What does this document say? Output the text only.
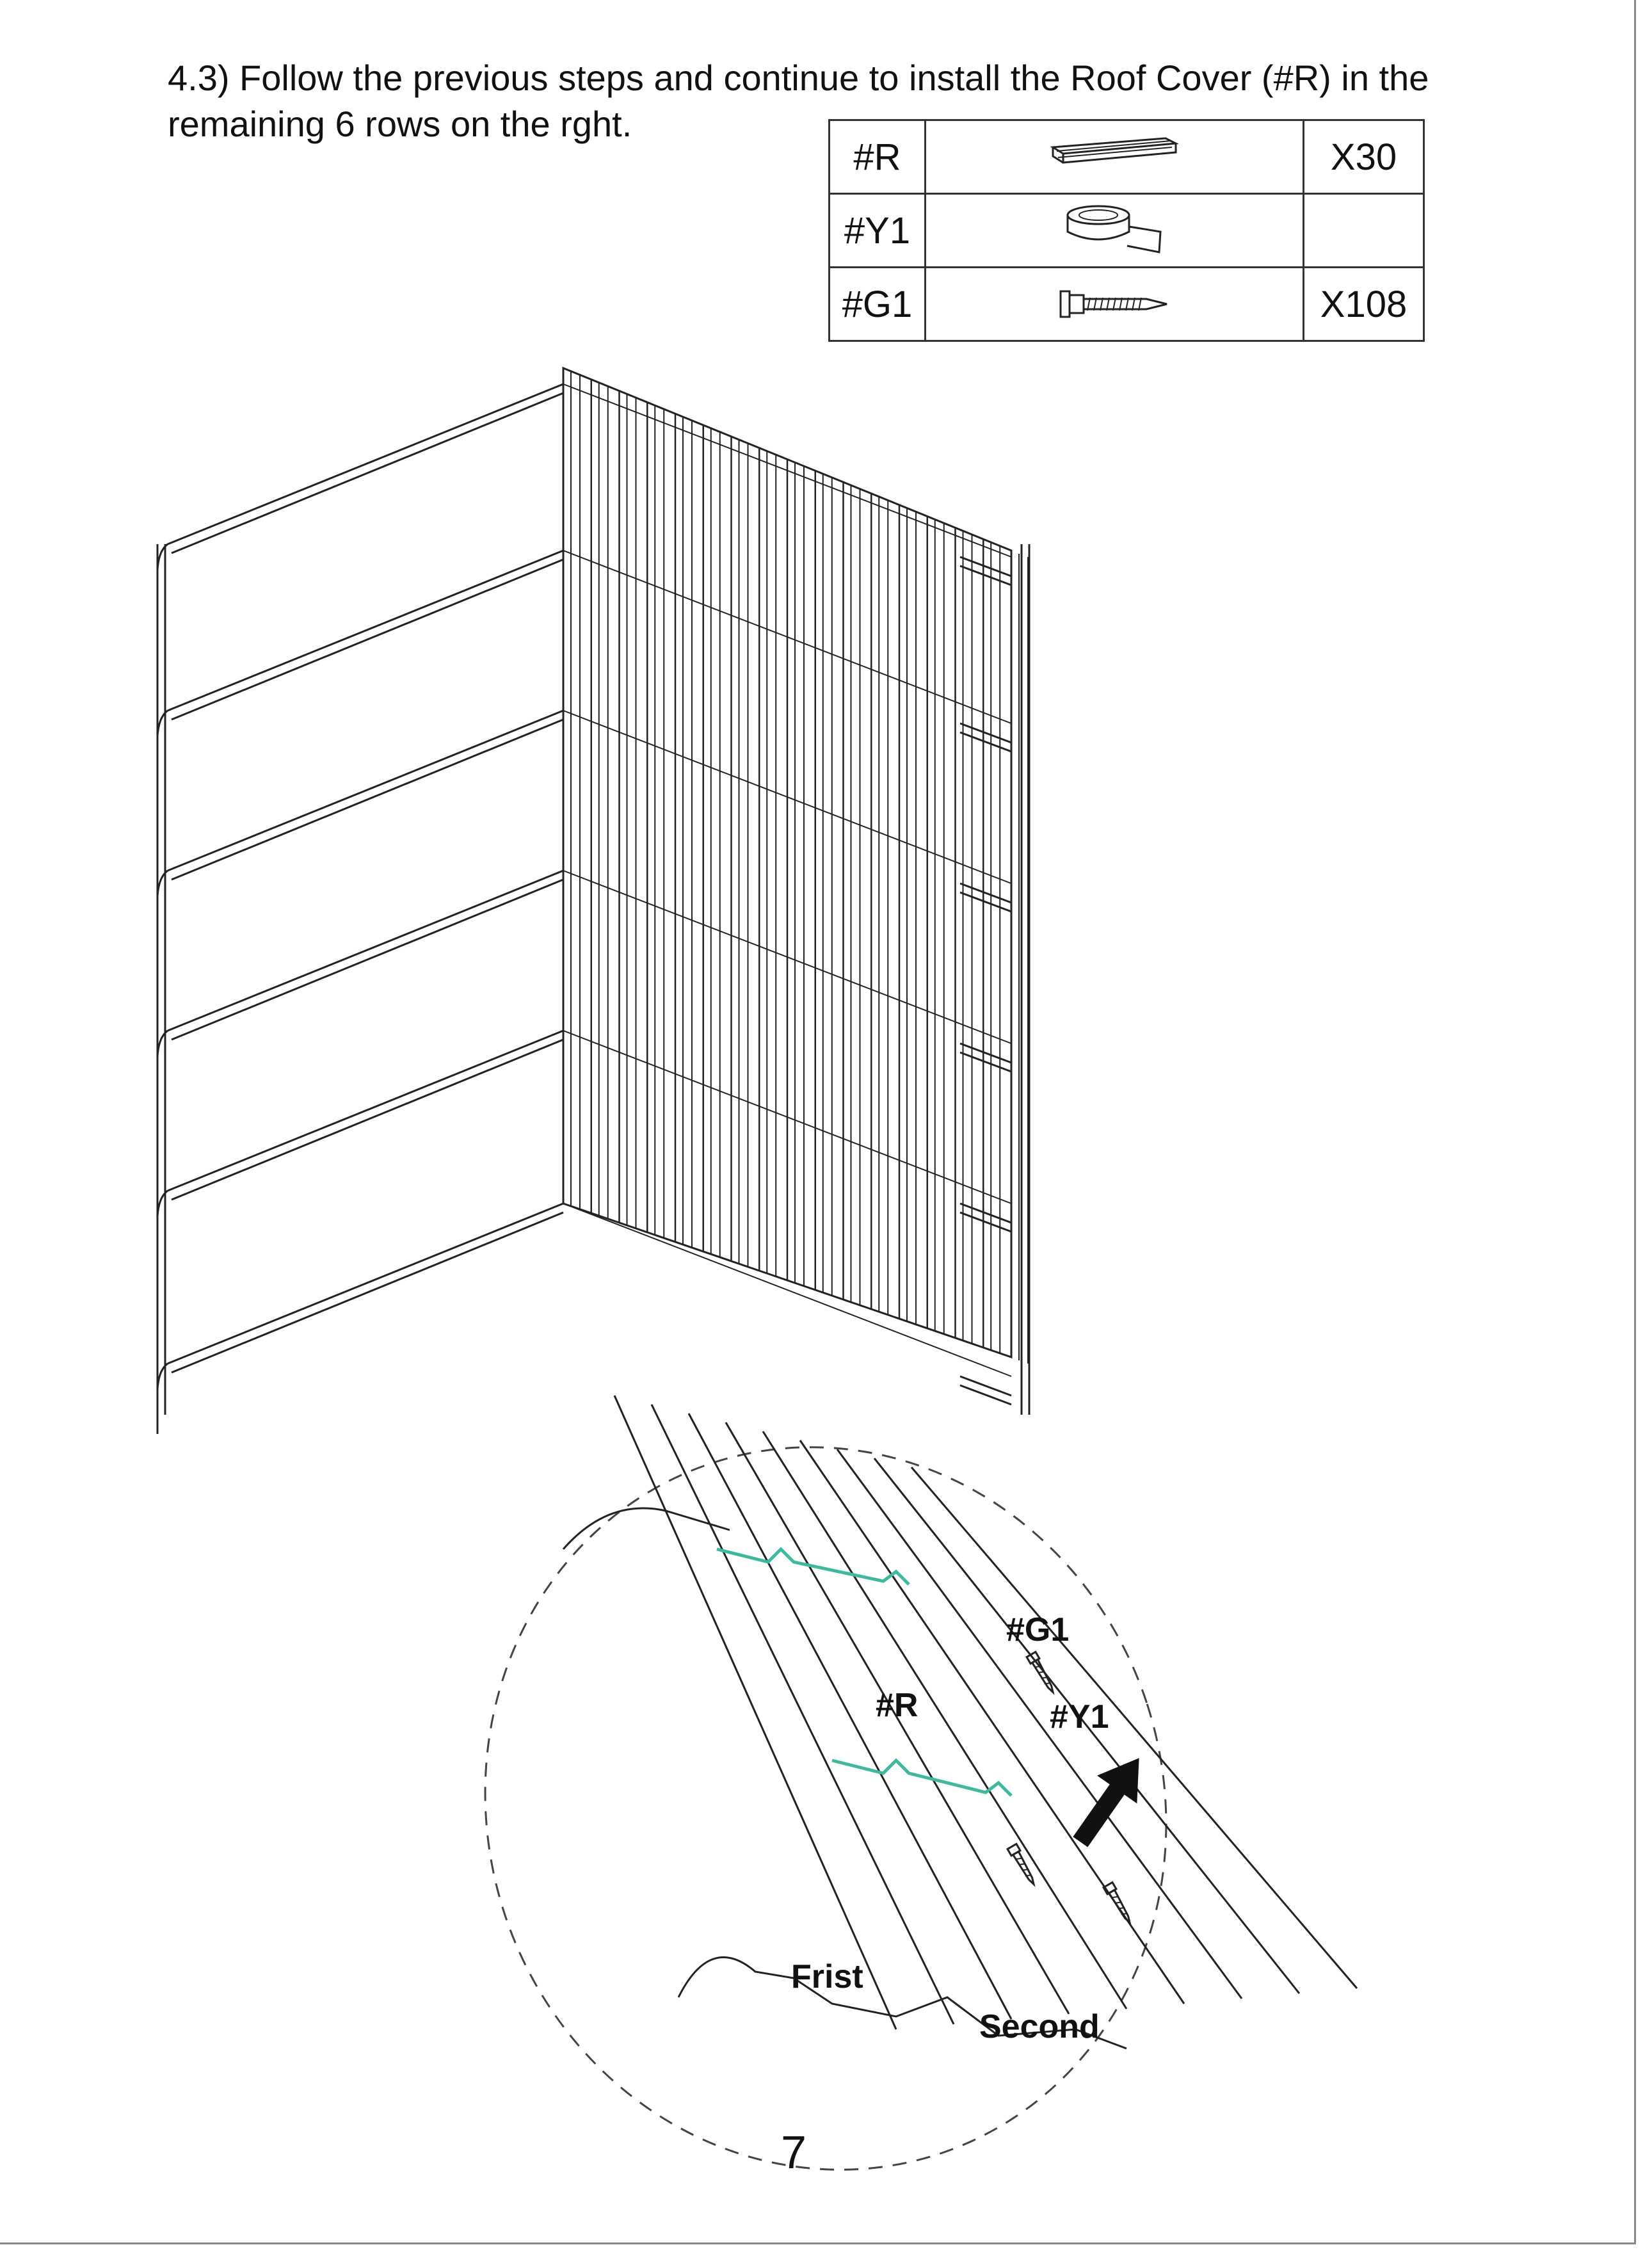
4.3) Follow the previous steps and continue to install the Roof Cover (#R) in the remaining 6 rows on the rght.
#R		X30
#Y1	

#G1		X108
#G1
#R	#Y1
Frist
Second
7
